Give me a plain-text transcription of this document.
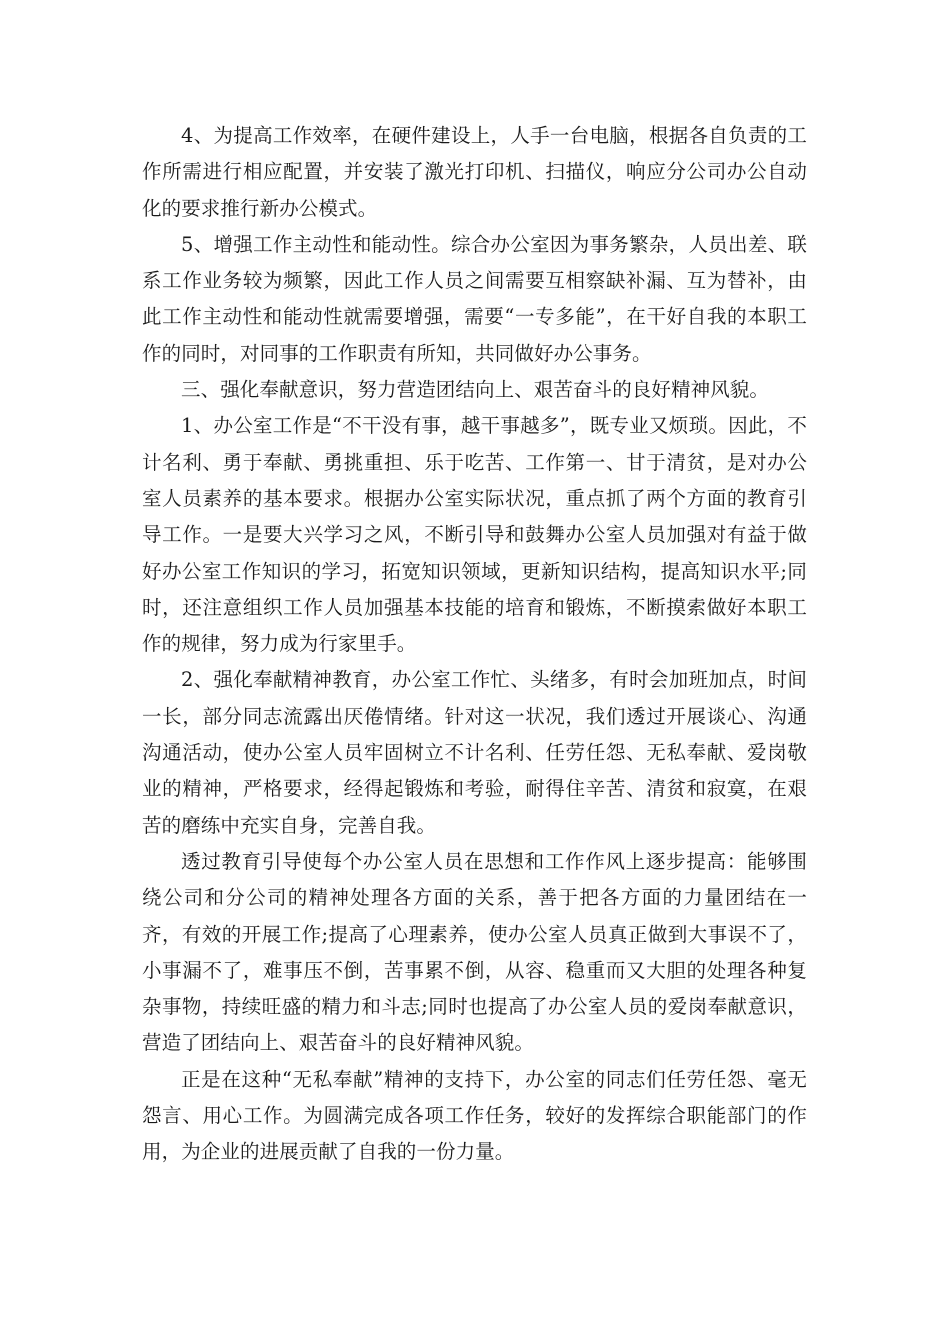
4、为提高工作效率，在硬件建设上，人手一台电脑，根据各自负责的工作所需进行相应配置，并安装了激光打印机、扫描仪，响应分公司办公自动化的要求推行新办公模式。

5、增强工作主动性和能动性。综合办公室因为事务繁杂，人员出差、联系工作业务较为频繁，因此工作人员之间需要互相察缺补漏、互为替补，由此工作主动性和能动性就需要增强，需要“一专多能”，在干好自我的本职工作的同时，对同事的工作职责有所知，共同做好办公事务。

三、强化奉献意识，努力营造团结向上、艰苦奋斗的良好精神风貌。

1、办公室工作是“不干没有事，越干事越多”，既专业又烦琐。因此，不计名利、勇于奉献、勇挑重担、乐于吃苦、工作第一、甘于清贫，是对办公室人员素养的基本要求。根据办公室实际状况，重点抓了两个方面的教育引导工作。一是要大兴学习之风，不断引导和鼓舞办公室人员加强对有益于做好办公室工作知识的学习，拓宽知识领域，更新知识结构，提高知识水平;同时，还注意组织工作人员加强基本技能的培育和锻炼，不断摸索做好本职工作的规律，努力成为行家里手。

2、强化奉献精神教育，办公室工作忙、头绪多，有时会加班加点，时间一长，部分同志流露出厌倦情绪。针对这一状况，我们透过开展谈心、沟通沟通活动，使办公室人员牢固树立不计名利、任劳任怨、无私奉献、爱岗敬业的精神，严格要求，经得起锻炼和考验，耐得住辛苦、清贫和寂寞，在艰苦的磨练中充实自身，完善自我。

透过教育引导使每个办公室人员在思想和工作作风上逐步提高：能够围绕公司和分公司的精神处理各方面的关系，善于把各方面的力量团结在一齐，有效的开展工作;提高了心理素养，使办公室人员真正做到大事误不了，小事漏不了，难事压不倒，苦事累不倒，从容、稳重而又大胆的处理各种复杂事物，持续旺盛的精力和斗志;同时也提高了办公室人员的爱岗奉献意识，营造了团结向上、艰苦奋斗的良好精神风貌。

正是在这种“无私奉献”精神的支持下，办公室的同志们任劳任怨、毫无怨言、用心工作。为圆满完成各项工作任务，较好的发挥综合职能部门的作用，为企业的进展贡献了自我的一份力量。
